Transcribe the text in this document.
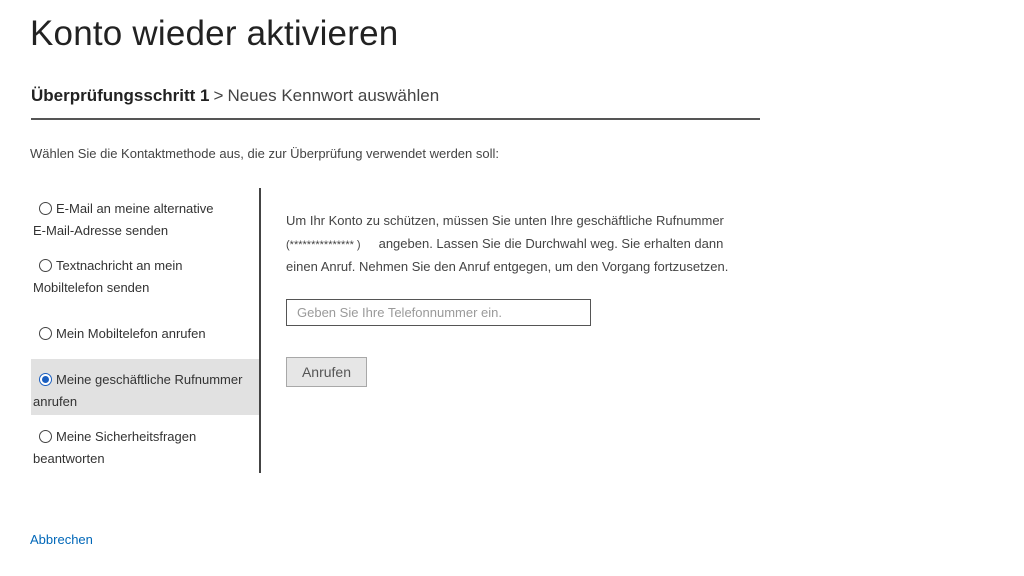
Konto wieder aktivieren
Überprüfungsschritt 1 > Neues Kennwort auswählen
Wählen Sie die Kontaktmethode aus, die zur Überprüfung verwendet werden soll:
E-Mail an meine alternative
E-Mail-Adresse senden
Textnachricht an mein
Mobiltelefon senden
Mein Mobiltelefon anrufen
Meine geschäftliche Rufnummer
anrufen
Meine Sicherheitsfragen
beantworten
Um Ihr Konto zu schützen, müssen Sie unten Ihre geschäftliche Rufnummer
(*************** ) angeben. Lassen Sie die Durchwahl weg. Sie erhalten dann
einen Anruf. Nehmen Sie den Anruf entgegen, um den Vorgang fortzusetzen.
Geben Sie Ihre Telefonnummer ein.
Anrufen
Abbrechen
